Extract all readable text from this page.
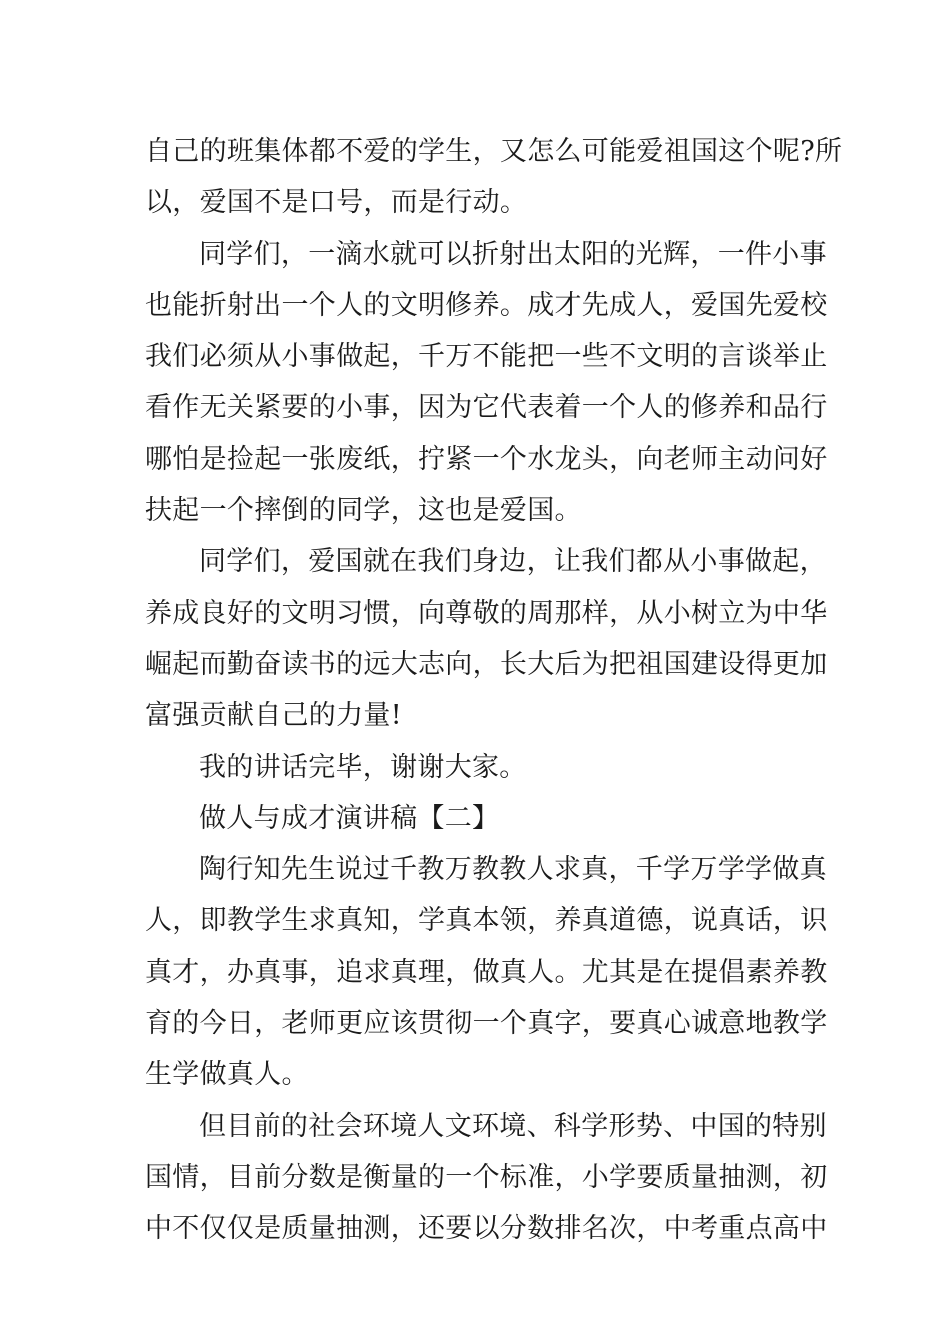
自己的班集体都不爱的学生，又怎么可能爱祖国这个呢?所
以，爱国不是口号，而是行动。
同学们，一滴水就可以折射出太阳的光辉，一件小事
也能折射出一个人的文明修养。成才先成人，爱国先爱校
我们必须从小事做起，千万不能把一些不文明的言谈举止
看作无关紧要的小事，因为它代表着一个人的修养和品行
哪怕是捡起一张废纸，拧紧一个水龙头，向老师主动问好
扶起一个摔倒的同学，这也是爱国。
同学们，爱国就在我们身边，让我们都从小事做起，
养成良好的文明习惯，向尊敬的周那样，从小树立为中华
崛起而勤奋读书的远大志向，长大后为把祖国建设得更加
富强贡献自己的力量!
我的讲话完毕，谢谢大家。
做人与成才演讲稿【二】
陶行知先生说过千教万教教人求真，千学万学学做真
人，即教学生求真知，学真本领，养真道德，说真话，识
真才，办真事，追求真理，做真人。尤其是在提倡素养教
育的今日，老师更应该贯彻一个真字，要真心诚意地教学
生学做真人。
但目前的社会环境人文环境、科学形势、中国的特别
国情，目前分数是衡量的一个标准，小学要质量抽测，初
中不仅仅是质量抽测，还要以分数排名次，中考重点高中
